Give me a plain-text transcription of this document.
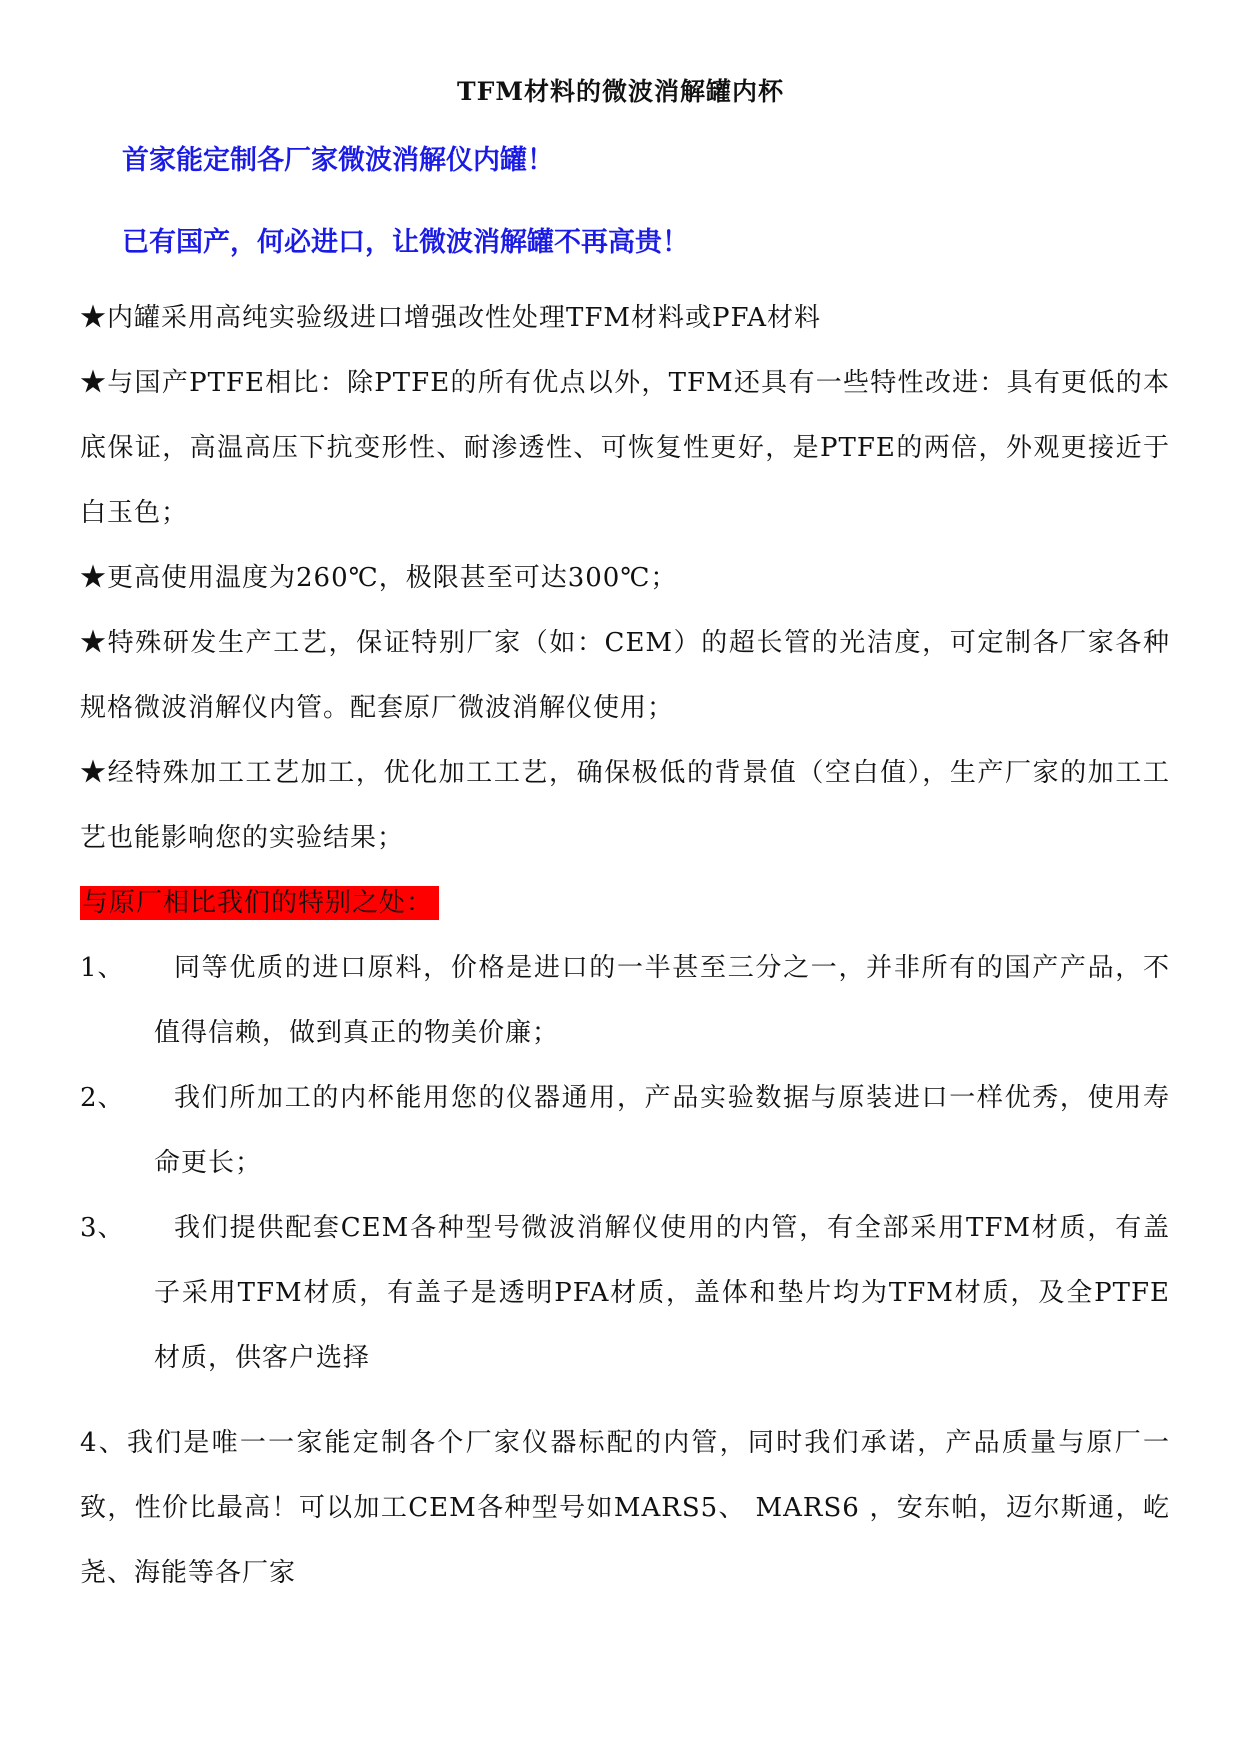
TFM材料的微波消解罐内杯
首家能定制各厂家微波消解仪内罐！
已有国产，何必进口，让微波消解罐不再高贵！

★内罐采用高纯实验级进口增强改性处理TFM材料或PFA材料

★与国产PTFE相比：除PTFE的所有优点以外，TFM还具有一些特性改进：具有更低的本底保证，高温高压下抗变形性、耐渗透性、可恢复性更好，是PTFE的两倍，外观更接近于白玉色；

★更高使用温度为260℃，极限甚至可达300℃；

★特殊研发生产工艺，保证特别厂家（如：CEM）的超长管的光洁度，可定制各厂家各种规格微波消解仪内管。配套原厂微波消解仪使用；

★经特殊加工工艺加工，优化加工工艺，确保极低的背景值（空白值），生产厂家的加工工艺也能影响您的实验结果；

与原厂相比我们的特别之处：

1、	同等优质的进口原料，价格是进口的一半甚至三分之一，并非所有的国产产品，不值得信赖，做到真正的物美价廉；
2、	我们所加工的内杯能用您的仪器通用，产品实验数据与原装进口一样优秀，使用寿命更长；
3、	我们提供配套CEM各种型号微波消解仪使用的内管，有全部采用TFM材质，有盖子采用TFM材质，有盖子是透明PFA材质，盖体和垫片均为TFM材质，及全PTFE材质，供客户选择

4、我们是唯一一家能定制各个厂家仪器标配的内管，同时我们承诺，产品质量与原厂一致，性价比最高！可以加工CEM各种型号如MARS5、 MARS6 ，安东帕，迈尔斯通，屹尧、海能等各厂家
